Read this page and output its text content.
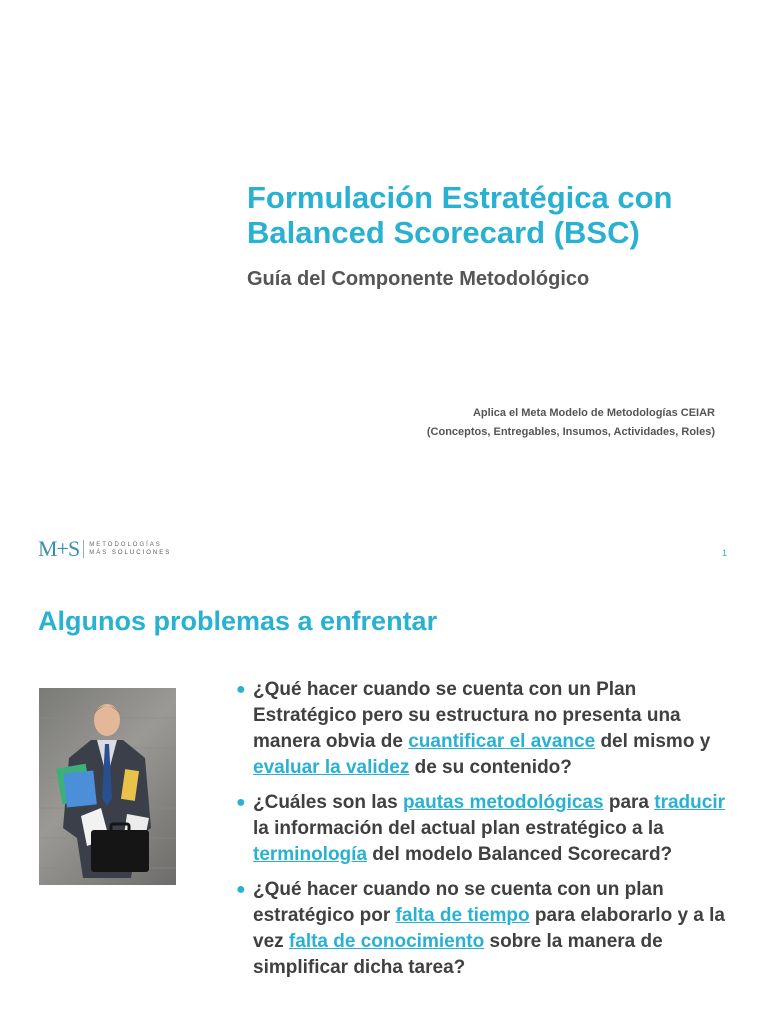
Formulación Estratégica con
Balanced Scorecard (BSC)
Guía del Componente Metodológico
Aplica el Meta Modelo de Metodologías CEIAR
(Conceptos, Entregables, Insumos, Actividades, Roles)
M+S METODOLOGÍAS
MÁS SOLUCIONES	1
Algunos problemas a enfrentar
● ¿Qué hacer cuando se cuenta con un Plan Estratégico pero su estructura no presenta una manera obvia de cuantificar el avance del mismo y evaluar la validez de su contenido?
● ¿Cuáles son las pautas metodológicas para traducir la información del actual plan estratégico a la terminología del modelo Balanced Scorecard?
● ¿Qué hacer cuando no se cuenta con un plan estratégico por falta de tiempo para elaborarlo y a la vez falta de conocimiento sobre la manera de simplificar dicha tarea?
